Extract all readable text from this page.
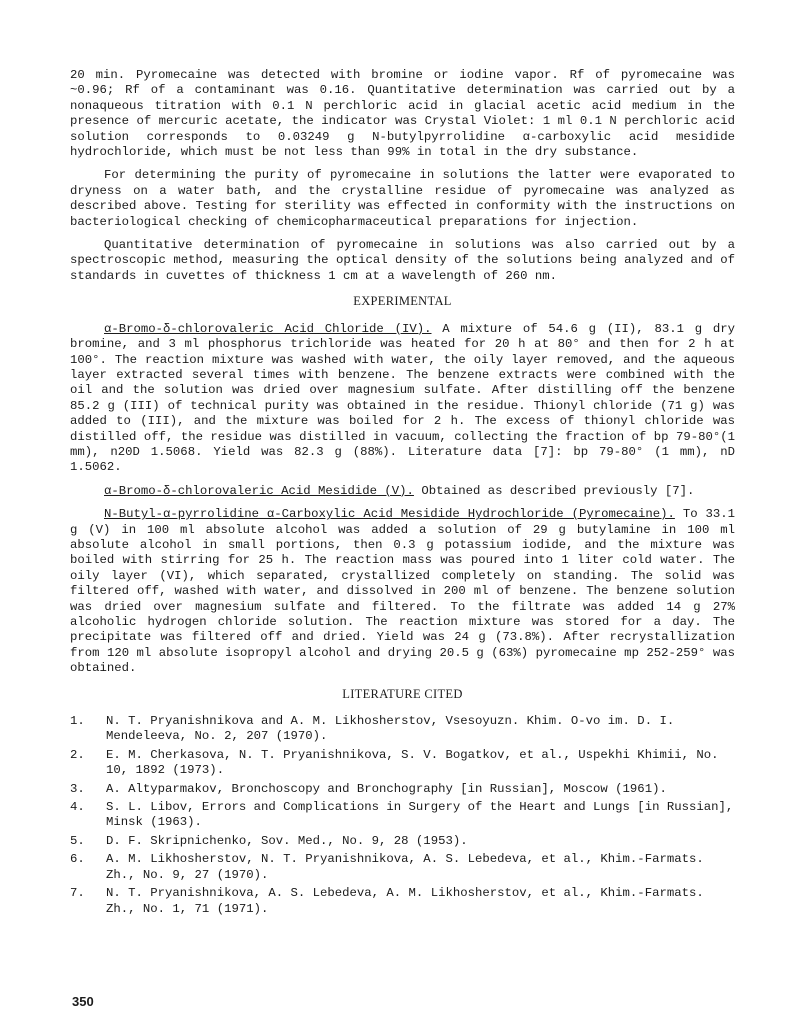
20 min. Pyromecaine was detected with bromine or iodine vapor. Rf of pyromecaine was ~0.96; Rf of a contaminant was 0.16. Quantitative determination was carried out by a nonaqueous titration with 0.1 N perchloric acid in glacial acetic acid medium in the presence of mercuric acetate, the indicator was Crystal Violet: 1 ml 0.1 N perchloric acid solution corresponds to 0.03249 g N-butylpyrrolidine α-carboxylic acid mesidide hydrochloride, which must be not less than 99% in total in the dry substance.

For determining the purity of pyromecaine in solutions the latter were evaporated to dryness on a water bath, and the crystalline residue of pyromecaine was analyzed as described above. Testing for sterility was effected in conformity with the instructions on bacteriological checking of chemicopharmaceutical preparations for injection.

Quantitative determination of pyromecaine in solutions was also carried out by a spectroscopic method, measuring the optical density of the solutions being analyzed and of standards in cuvettes of thickness 1 cm at a wavelength of 260 nm.

EXPERIMENTAL

α-Bromo-δ-chlorovaleric Acid Chloride (IV). A mixture of 54.6 g (II), 83.1 g dry bromine, and 3 ml phosphorus trichloride was heated for 20 h at 80° and then for 2 h at 100°. The reaction mixture was washed with water, the oily layer removed, and the aqueous layer extracted several times with benzene. The benzene extracts were combined with the oil and the solution was dried over magnesium sulfate. After distilling off the benzene 85.2 g (III) of technical purity was obtained in the residue. Thionyl chloride (71 g) was added to (III), and the mixture was boiled for 2 h. The excess of thionyl chloride was distilled off, the residue was distilled in vacuum, collecting the fraction of bp 79-80°(1 mm), n20D 1.5068. Yield was 82.3 g (88%). Literature data [7]: bp 79-80° (1 mm), nD 1.5062.

α-Bromo-δ-chlorovaleric Acid Mesidide (V). Obtained as described previously [7].

N-Butyl-α-pyrrolidine α-Carboxylic Acid Mesidide Hydrochloride (Pyromecaine). To 33.1 g (V) in 100 ml absolute alcohol was added a solution of 29 g butylamine in 100 ml absolute alcohol in small portions, then 0.3 g potassium iodide, and the mixture was boiled with stirring for 25 h. The reaction mass was poured into 1 liter cold water. The oily layer (VI), which separated, crystallized completely on standing. The solid was filtered off, washed with water, and dissolved in 200 ml of benzene. The benzene solution was dried over magnesium sulfate and filtered. To the filtrate was added 14 g 27% alcoholic hydrogen chloride solution. The reaction mixture was stored for a day. The precipitate was filtered off and dried. Yield was 24 g (73.8%). After recrystallization from 120 ml absolute isopropyl alcohol and drying 20.5 g (63%) pyromecaine mp 252-259° was obtained.

LITERATURE CITED
1.	N. T. Pryanishnikova and A. M. Likhosherstov, Vsesoyuzn. Khim. O-vo im. D. I. Mendeleeva, No. 2, 207 (1970).
2.	E. M. Cherkasova, N. T. Pryanishnikova, S. V. Bogatkov, et al., Uspekhi Khimii, No. 10, 1892 (1973).
3.	A. Altyparmakov, Bronchoscopy and Bronchography [in Russian], Moscow (1961).
4.	S. L. Libov, Errors and Complications in Surgery of the Heart and Lungs [in Russian], Minsk (1963).
5.	D. F. Skripnichenko, Sov. Med., No. 9, 28 (1953).
6.	A. M. Likhosherstov, N. T. Pryanishnikova, A. S. Lebedeva, et al., Khim.-Farmats. Zh., No. 9, 27 (1970).
7.	N. T. Pryanishnikova, A. S. Lebedeva, A. M. Likhosherstov, et al., Khim.-Farmats. Zh., No. 1, 71 (1971).
350
